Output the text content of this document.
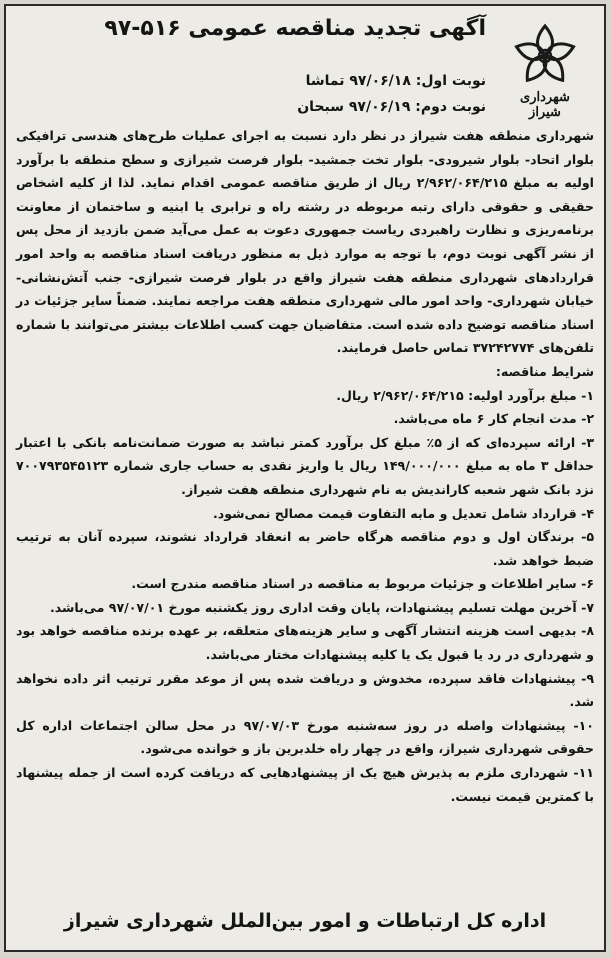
شهرداری شیراز
آگهی تجدید مناقصه عمومی ۵۱۶-۹۷
نوبت اول: ۹۷/۰۶/۱۸ تماشا
نوبت دوم: ۹۷/۰۶/۱۹ سبحان

شهرداری منطقه هفت شیراز در نظر دارد نسبت به اجرای عملیات طرح‌های هندسی ترافیکی بلوار اتحاد- بلوار شیرودی- بلوار تخت جمشید- بلوار فرصت شیرازی و سطح منطقه با برآورد اولیه به مبلغ ۲/۹۶۲/۰۶۴/۲۱۵ ریال از طریق مناقصه عمومی اقدام نماید. لذا از کلیه اشخاص حقیقی و حقوقی دارای رتبه مربوطه در رشته راه و ترابری یا ابنیه و ساختمان از معاونت برنامه‌ریزی و نظارت راهبردی ریاست جمهوری دعوت به عمل می‌آید ضمن بازدید از محل پس از نشر آگهی نوبت دوم، با توجه به موارد ذیل به منظور دریافت اسناد مناقصه به واحد امور قراردادهای شهرداری منطقه هفت شیراز واقع در بلوار فرصت شیرازی- جنب آتش‌نشانی- خیابان شهرداری- واحد امور مالی شهرداری منطقه هفت مراجعه نمایند. ضمناً سایر جزئیات در اسناد مناقصه توضیح داده شده است. متقاضیان جهت کسب اطلاعات بیشتر می‌توانند با شماره تلفن‌های ۳۷۲۴۲۷۷۴ تماس حاصل فرمایند.

شرایط مناقصه:

۱- مبلغ برآورد اولیه: ۲/۹۶۲/۰۶۴/۲۱۵ ریال.

۲- مدت انجام کار ۶ ماه می‌باشد.

۳- ارائه سپرده‌ای که از ۵٪ مبلغ کل برآورد کمتر نباشد به صورت ضمانت‌نامه بانکی با اعتبار حداقل ۳ ماه به مبلغ ۱۴۹/۰۰۰/۰۰۰ ریال یا واریز نقدی به حساب جاری شماره ۷۰۰۷۹۳۵۴۵۱۲۳ نزد بانک شهر شعبه کارانديش به نام شهرداری منطقه هفت شیراز.

۴- قرارداد شامل تعدیل و مابه التفاوت قیمت مصالح نمی‌شود.

۵- برندگان اول و دوم مناقصه هرگاه حاضر به انعقاد قرارداد نشوند، سپرده آنان به ترتیب ضبط خواهد شد.

۶- سایر اطلاعات و جزئیات مربوط به مناقصه در اسناد مناقصه مندرج است.

۷- آخرین مهلت تسلیم پیشنهادات، پایان وقت اداری روز یکشنبه مورخ ۹۷/۰۷/۰۱ می‌باشد.

۸- بدیهی است هزینه انتشار آگهی و سایر هزینه‌های متعلقه، بر عهده برنده مناقصه خواهد بود و شهرداری در رد یا قبول یک یا کلیه پیشنهادات مختار می‌باشد.

۹- پیشنهادات فاقد سپرده، مخدوش و دریافت شده پس از موعد مقرر ترتیب اثر داده نخواهد شد.

۱۰- پیشنهادات واصله در روز سه‌شنبه مورخ ۹۷/۰۷/۰۳ در محل سالن اجتماعات اداره کل حقوقی شهرداری شیراز، واقع در چهار راه خلدبرین باز و خوانده می‌شود.

۱۱- شهرداری ملزم به پذیرش هیچ یک از پیشنهادهایی که دریافت کرده است از جمله پیشنهاد با کمترین قیمت نیست.

اداره کل ارتباطات و امور بین‌الملل شهرداری شیراز
